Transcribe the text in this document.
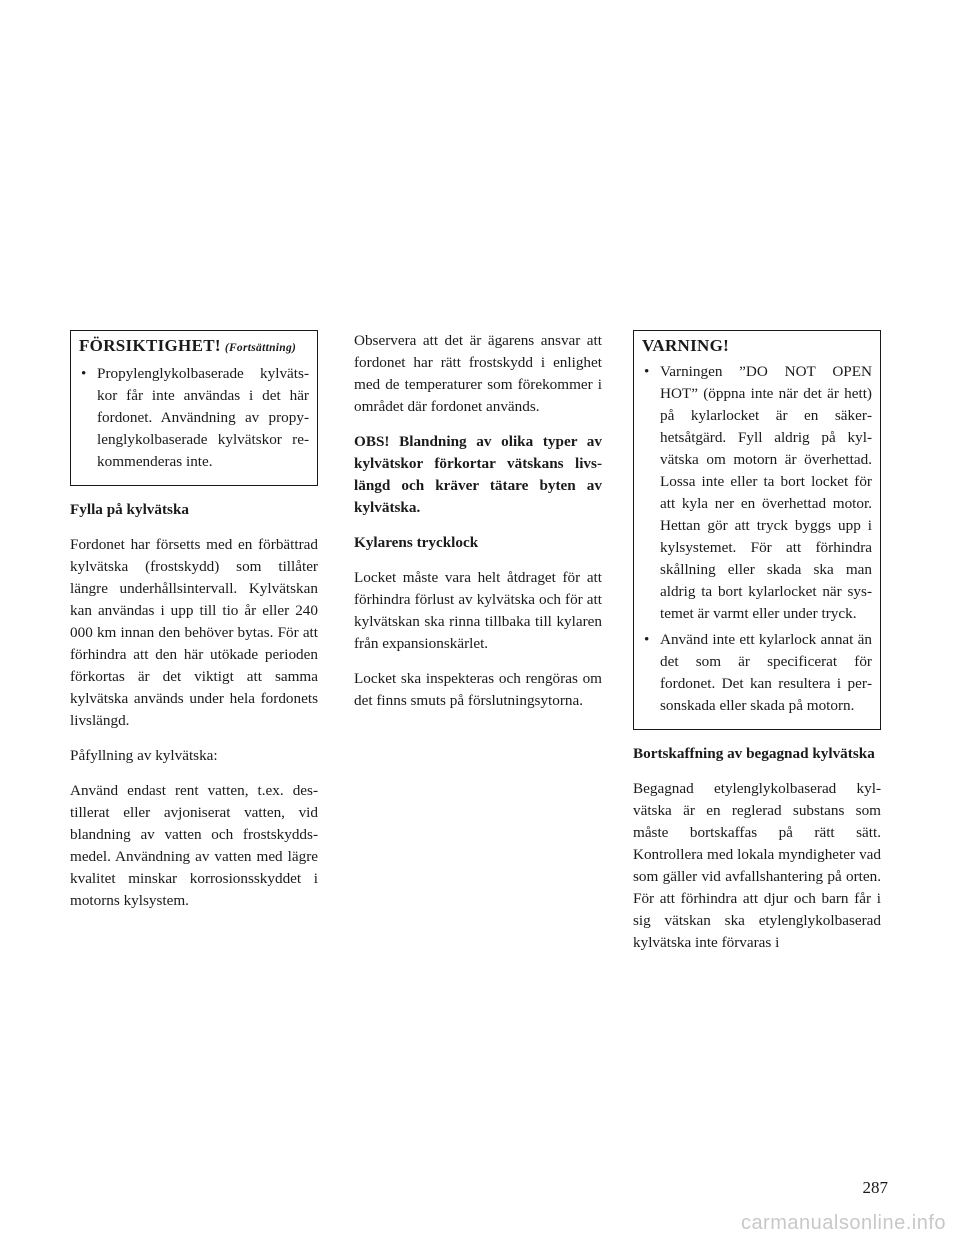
FÖRSIKTIGHET! (Fortsättning)
• Propylenglykolbaserade kylvätskor får inte användas i det här fordonet. Användning av propylenglykolbaserade kylvätskor rekommenderas inte.
Fylla på kylvätska

Fordonet har försetts med en förbättrad kylvätska (frostskydd) som tillåter längre underhållsintervall. Kylvätskan kan användas i upp till tio år eller 240 000 km innan den behöver bytas. För att förhindra att den här utökade perioden förkortas är det viktigt att samma kylvätska används under hela fordonets livslängd.

Påfyllning av kylvätska:

Använd endast rent vatten, t.ex. destillerat eller avjoniserat vatten, vid blandning av vatten och frostskyddsmedel. Användning av vatten med lägre kvalitet minskar korrosionsskyddet i motorns kylsystem.

Observera att det är ägarens ansvar att fordonet har rätt frostskydd i enlighet med de temperaturer som förekommer i området där fordonet används.

OBS! Blandning av olika typer av kylvätskor förkortar vätskans livslängd och kräver tätare byten av kylvätska.

Kylarens trycklock

Locket måste vara helt åtdraget för att förhindra förlust av kylvätska och för att kylvätskan ska rinna tillbaka till kylaren från expansionskärlet.

Locket ska inspekteras och rengöras om det finns smuts på förslutningsytorna.

VARNING!
• Varningen ”DO NOT OPEN HOT” (öppna inte när det är hett) på kylarlocket är en säkerhetsåtgärd. Fyll aldrig på kylvätska om motorn är överhettad. Lossa inte eller ta bort locket för att kyla ner en överhettad motor. Hettan gör att tryck byggs upp i kylsystemet. För att förhindra skållning eller skada ska man aldrig ta bort kylarlocket när systemet är varmt eller under tryck.
• Använd inte ett kylarlock annat än det som är specificerat för fordonet. Det kan resultera i personskada eller skada på motorn.
Bortskaffning av begagnad kylvätska

Begagnad etylenglykolbaserad kylvätska är en reglerad substans som måste bortskaffas på rätt sätt. Kontrollera med lokala myndigheter vad som gäller vid avfallshantering på orten. För att förhindra att djur och barn får i sig vätskan ska etylenglykolbaserad kylvätska inte förvaras i

287
carmanualsonline.info
